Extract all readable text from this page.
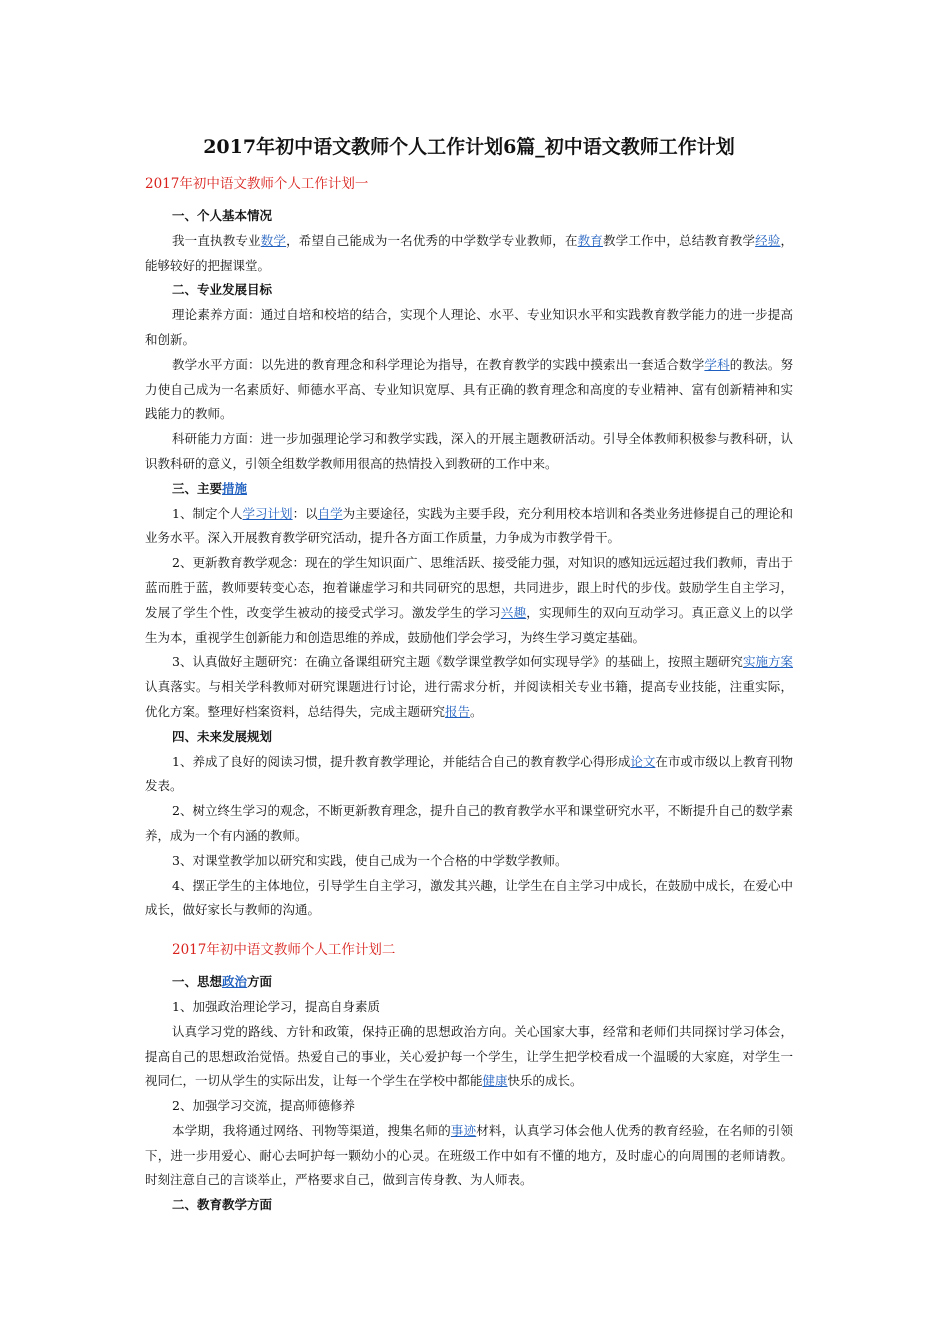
2017年初中语文教师个人工作计划6篇_初中语文教师工作计划
2017年初中语文教师个人工作计划一
一、个人基本情况

我一直执教专业数学，希望自己能成为一名优秀的中学数学专业教师，在教育教学工作中，总结教育教学经验，能够较好的把握课堂。

二、专业发展目标

理论素养方面：通过自培和校培的结合，实现个人理论、水平、专业知识水平和实践教育教学能力的进一步提高和创新。

教学水平方面：以先进的教育理念和科学理论为指导，在教育教学的实践中摸索出一套适合数学学科的教法。努力使自己成为一名素质好、师德水平高、专业知识宽厚、具有正确的教育理念和高度的专业精神、富有创新精神和实践能力的教师。

科研能力方面：进一步加强理论学习和教学实践，深入的开展主题教研活动。引导全体教师积极参与教科研，认识教科研的意义，引领全组数学教师用很高的热情投入到教研的工作中来。

三、主要措施

1、制定个人学习计划：以自学为主要途径，实践为主要手段，充分利用校本培训和各类业务进修提自己的理论和业务水平。深入开展教育教学研究活动，提升各方面工作质量，力争成为市教学骨干。

2、更新教育教学观念：现在的学生知识面广、思维活跃、接受能力强，对知识的感知远远超过我们教师，青出于蓝而胜于蓝，教师要转变心态，抱着谦虚学习和共同研究的思想，共同进步，跟上时代的步伐。鼓励学生自主学习，发展了学生个性，改变学生被动的接受式学习。激发学生的学习兴趣，实现师生的双向互动学习。真正意义上的以学生为本，重视学生创新能力和创造思维的养成，鼓励他们学会学习，为终生学习奠定基础。

3、认真做好主题研究：在确立备课组研究主题《数学课堂教学如何实现导学》的基础上，按照主题研究实施方案认真落实。与相关学科教师对研究课题进行讨论，进行需求分析，并阅读相关专业书籍，提高专业技能，注重实际，优化方案。整理好档案资料，总结得失，完成主题研究报告。

四、未来发展规划

1、养成了良好的阅读习惯，提升教育教学理论，并能结合自己的教育教学心得形成论文在市或市级以上教育刊物发表。

2、树立终生学习的观念，不断更新教育理念，提升自己的教育教学水平和课堂研究水平，不断提升自己的数学素养，成为一个有内涵的教师。

3、对课堂教学加以研究和实践，使自己成为一个合格的中学数学教师。

4、摆正学生的主体地位，引导学生自主学习，激发其兴趣，让学生在自主学习中成长，在鼓励中成长，在爱心中成长，做好家长与教师的沟通。

2017年初中语文教师个人工作计划二
一、思想政治方面

1、加强政治理论学习，提高自身素质

认真学习党的路线、方针和政策，保持正确的思想政治方向。关心国家大事，经常和老师们共同探讨学习体会，提高自己的思想政治觉悟。热爱自己的事业，关心爱护每一个学生，让学生把学校看成一个温暖的大家庭，对学生一视同仁，一切从学生的实际出发，让每一个学生在学校中都能健康快乐的成长。

2、加强学习交流，提高师德修养

本学期，我将通过网络、刊物等渠道，搜集名师的事迹材料，认真学习体会他人优秀的教育经验，在名师的引领下，进一步用爱心、耐心去呵护每一颗幼小的心灵。在班级工作中如有不懂的地方，及时虚心的向周围的老师请教。时刻注意自己的言谈举止，严格要求自己，做到言传身教、为人师表。

二、教育教学方面
